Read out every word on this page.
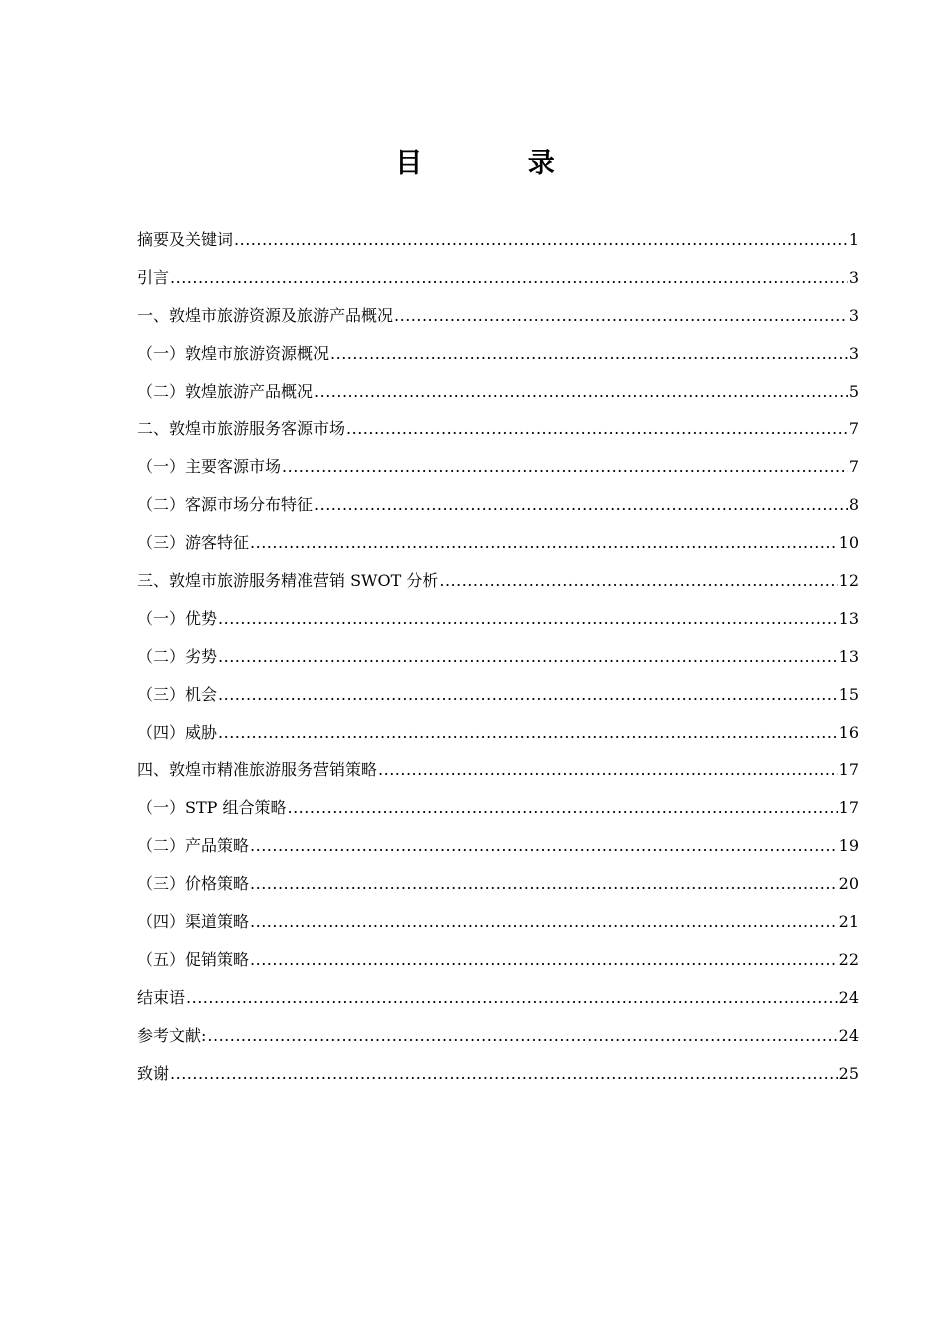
目 录
摘要及关键词 .....	1
引言 .....	3
一、敦煌市旅游资源及旅游产品概况 .....	3
（一）敦煌市旅游资源概况 .....	3
（二）敦煌旅游产品概况 .....	5
二、敦煌市旅游服务客源市场 .....	7
（一）主要客源市场 .....	7
（二）客源市场分布特征 .....	8
（三）游客特征 .....	10
三、敦煌市旅游服务精准营销 SWOT 分析 .....	12
（一）优势 .....	13
（二）劣势 .....	13
（三）机会 .....	15
（四）威胁 .....	16
四、敦煌市精准旅游服务营销策略 .....	17
（一）STP 组合策略 .....	17
（二）产品策略 .....	19
（三）价格策略 .....	20
（四）渠道策略 .....	21
（五）促销策略 .....	22
结束语 .....	24
参考文献: .....	24
致谢 .....	25
